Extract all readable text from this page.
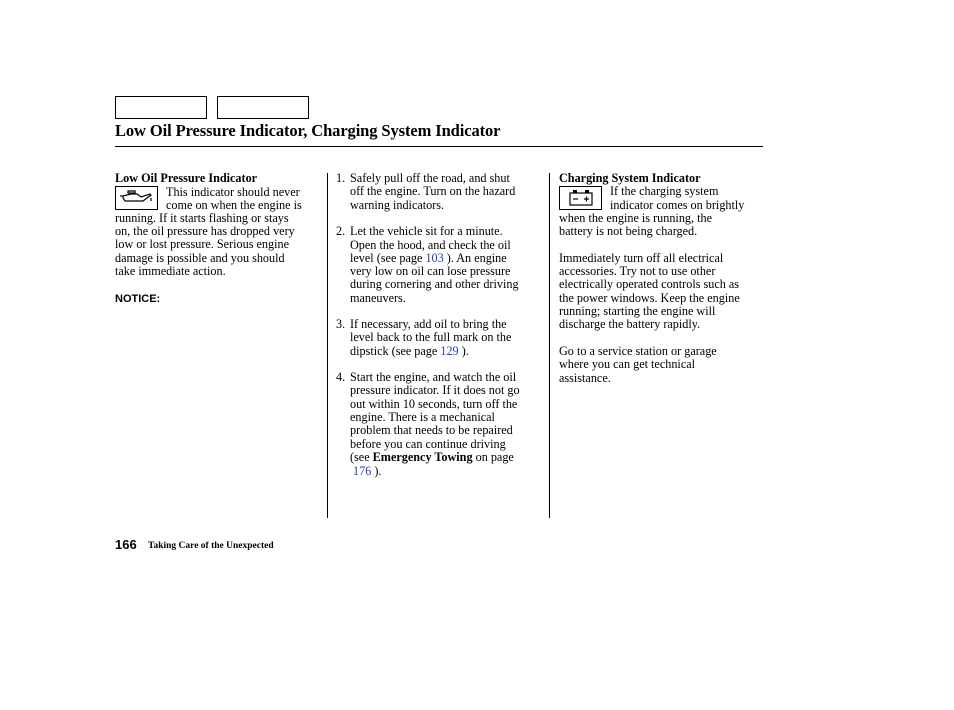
Low Oil Pressure Indicator, Charging System Indicator
Low Oil Pressure Indicator
This indicator should never
come on when the engine is
running. If it starts flashing or stays
on, the oil pressure has dropped very
low or lost pressure. Serious engine
damage is possible and you should
take immediate action.
NOTICE:
1. Safely pull off the road, and shut
off the engine. Turn on the hazard
warning indicators.
2. Let the vehicle sit for a minute.
Open the hood, and check the oil
level (see page 103 ). An engine
very low on oil can lose pressure
during cornering and other driving
maneuvers.
3. If necessary, add oil to bring the
level back to the full mark on the
dipstick (see page 129 ).
4. Start the engine, and watch the oil
pressure indicator. If it does not go
out within 10 seconds, turn off the
engine. There is a mechanical
problem that needs to be repaired
before you can continue driving
(see Emergency Towing on page
176 ).
Charging System Indicator
If the charging system
indicator comes on brightly
when the engine is running, the
battery is not being charged.
Immediately turn off all electrical
accessories. Try not to use other
electrically operated controls such as
the power windows. Keep the engine
running; starting the engine will
discharge the battery rapidly.
Go to a service station or garage
where you can get technical
assistance.
166 Taking Care of the Unexpected
